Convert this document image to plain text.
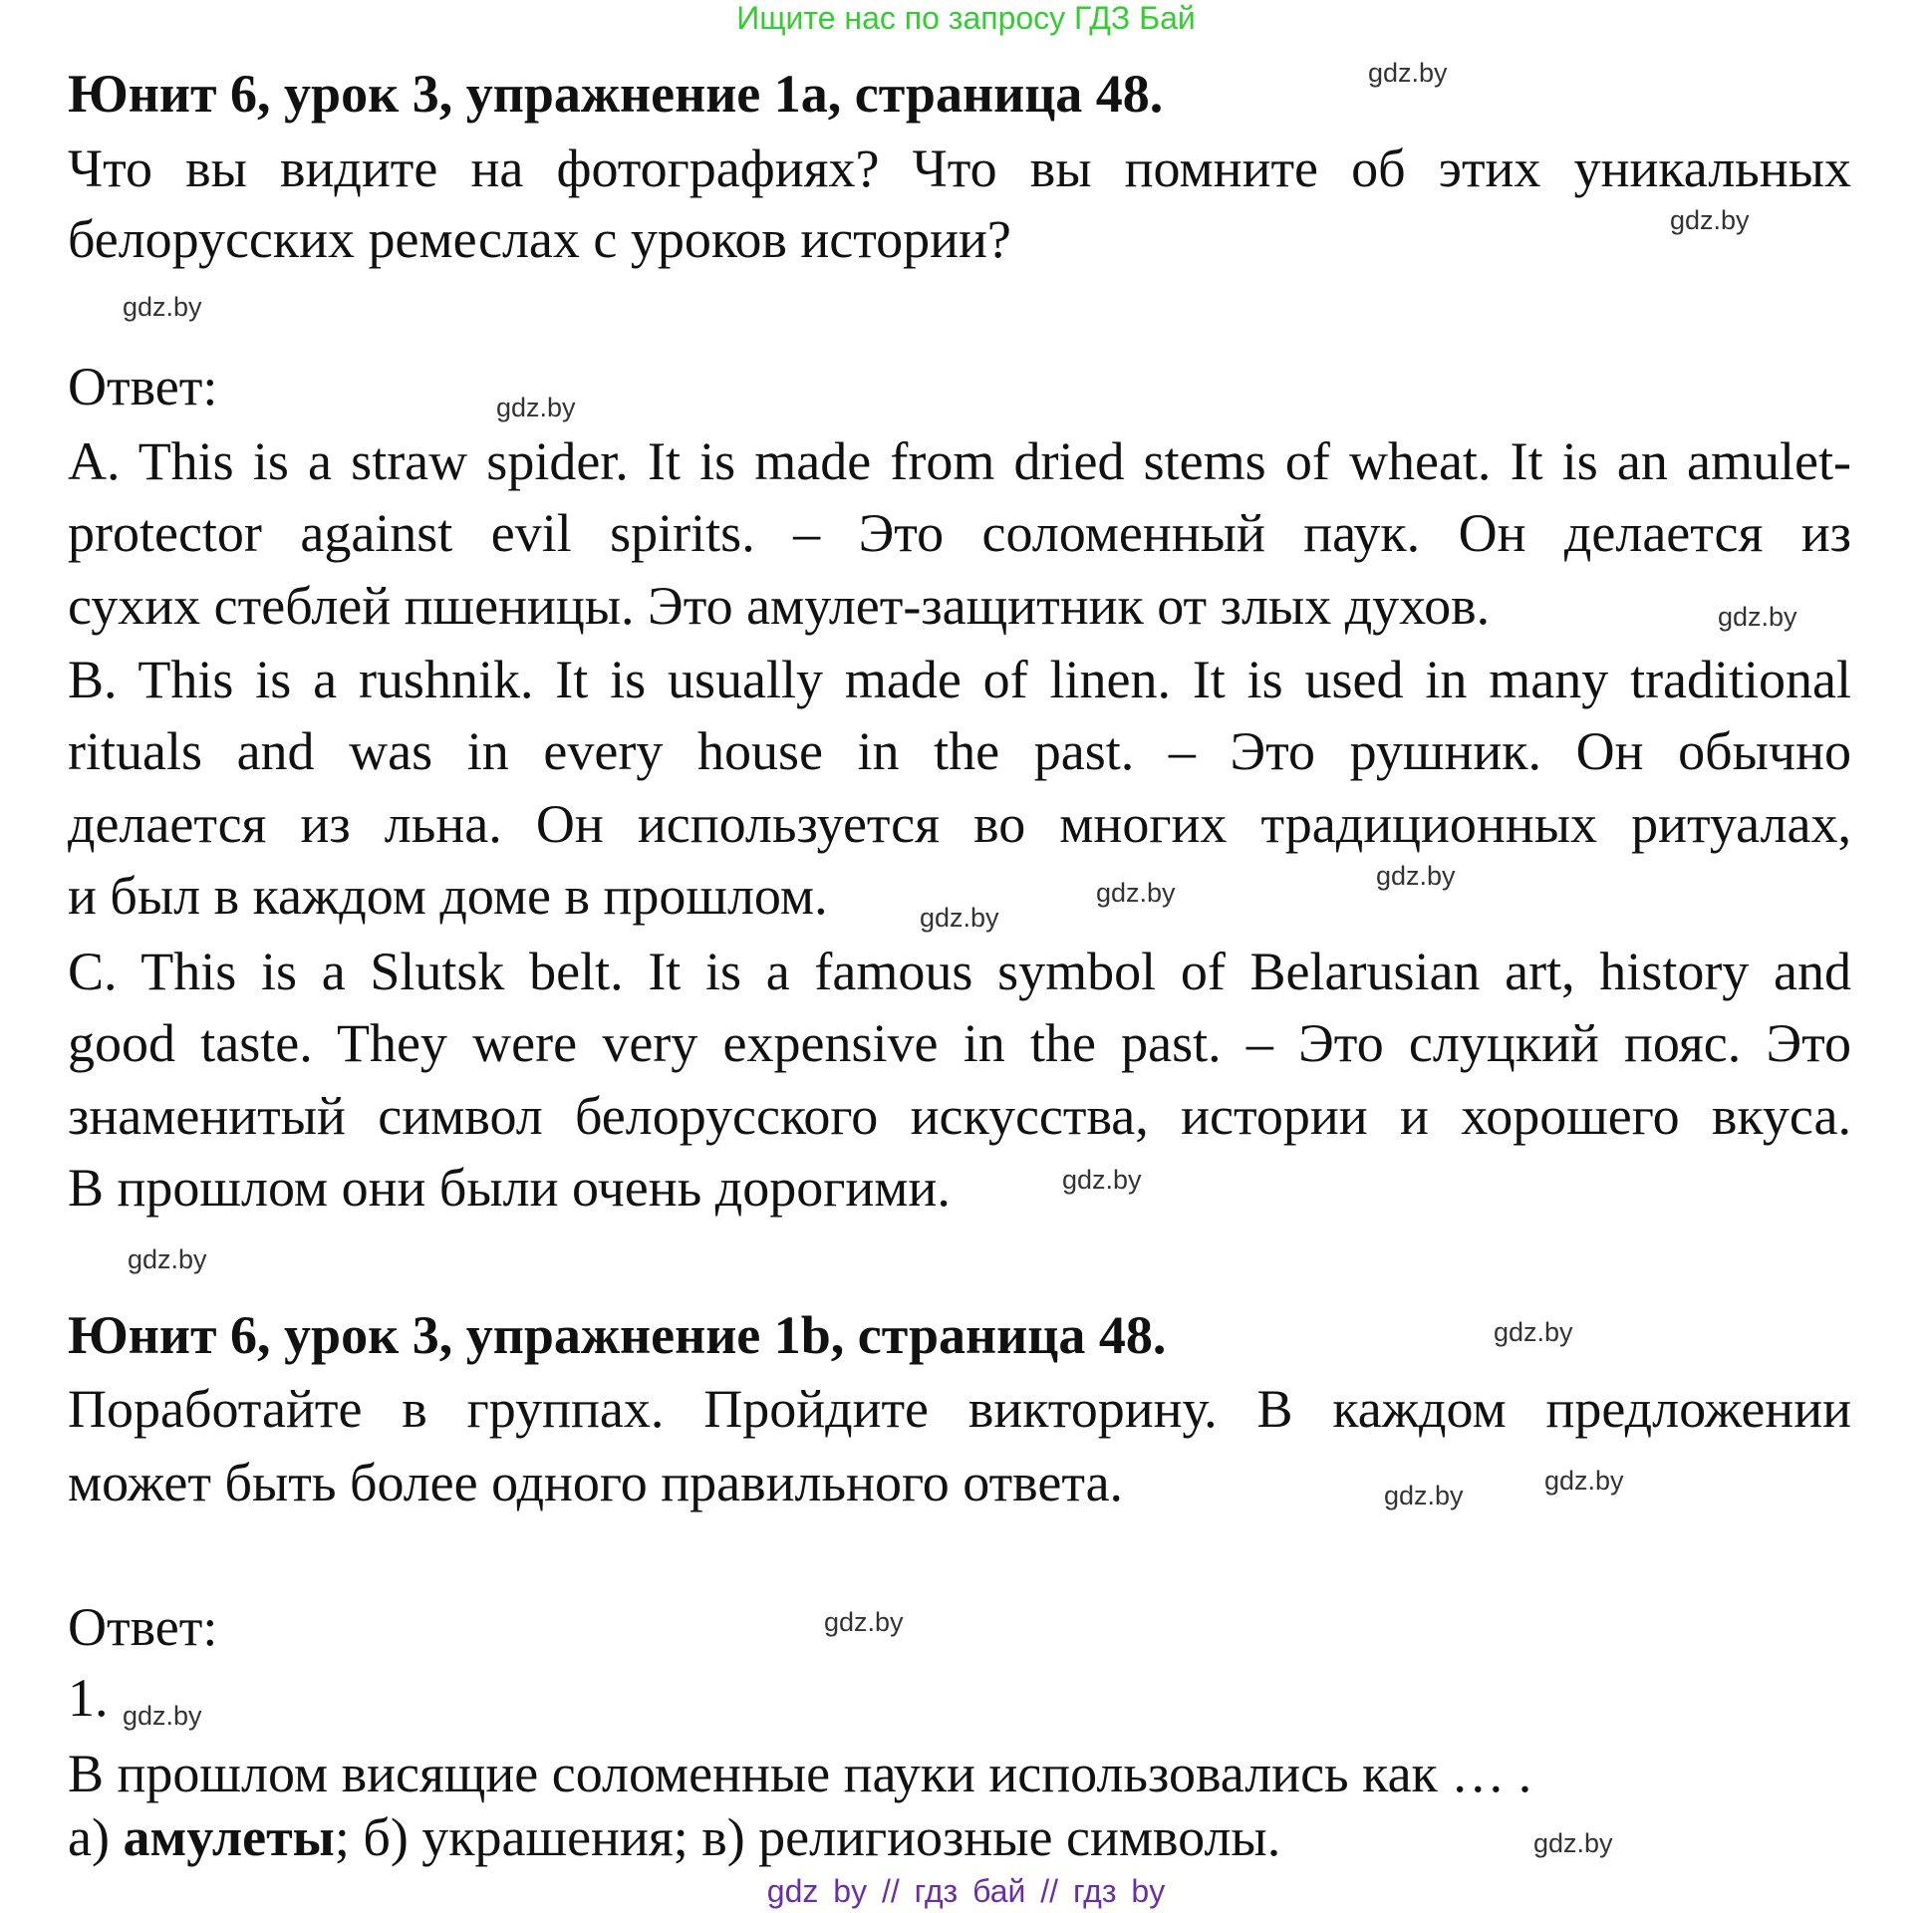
Ищите нас по запросу ГДЗ Бай
Юнит 6, урок 3, упражнение 1а, страница 48.
Что вы видите на фотографиях? Что вы помните об этих уникальных
белорусских ремеслах с уроков истории?
Ответ:
A. This is a straw spider. It is made from dried stems of wheat. It is an amulet-
protector against evil spirits. – Это соломенный паук. Он делается из
сухих стеблей пшеницы. Это амулет-защитник от злых духов.
B. This is a rushnik. It is usually made of linen. It is used in many traditional
rituals and was in every house in the past. – Это рушник. Он обычно
делается из льна. Он используется во многих традиционных ритуалах,
и был в каждом доме в прошлом.
C. This is a Slutsk belt. It is a famous symbol of Belarusian art, history and
good taste. They were very expensive in the past. – Это слуцкий пояс. Это
знаменитый символ белорусского искусства, истории и хорошего вкуса.
В прошлом они были очень дорогими.
Юнит 6, урок 3, упражнение 1b, страница 48.
Поработайте в группах. Пройдите викторину. В каждом предложении
может быть более одного правильного ответа.
Ответ:
1.
В прошлом висящие соломенные пауки использовались как … .
а) амулеты; б) украшения; в) религиозные символы.
gdz.by
gdz.by
gdz.by
gdz.by
gdz.by
gdz.by
gdz.by
gdz.by
gdz.by
gdz.by
gdz.by
gdz.by
gdz.by
gdz.by
gdz.by
gdz.by
gdz by // гдз бай // гдз by
